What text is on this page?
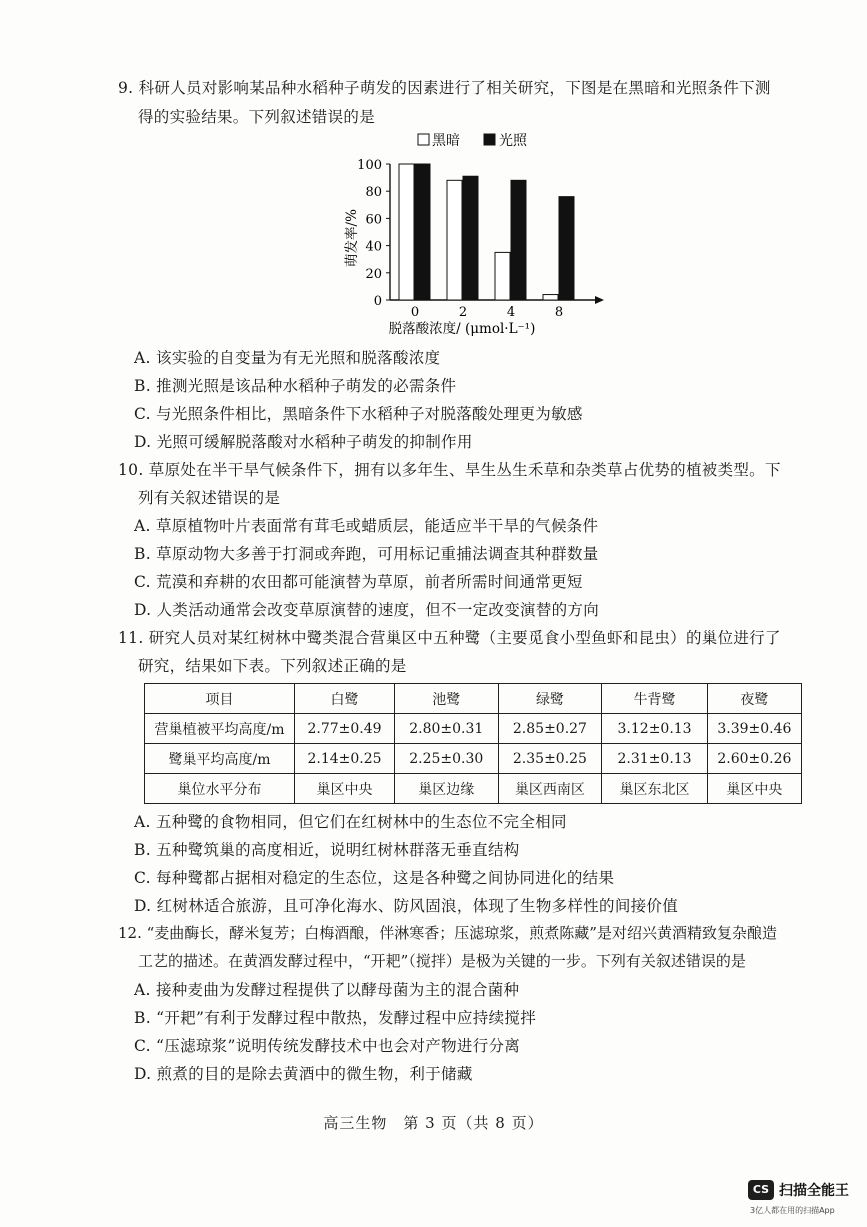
9. 科研人员对影响某品种水稻种子萌发的因素进行了相关研究，下图是在黑暗和光照条件下测
得的实验结果。下列叙述错误的是
0
20
40
60
80
100
0	2	4	8
脱落酸浓度/ (μmol·L⁻¹)
萌发率/%
黑暗	光照
A. 该实验的自变量为有无光照和脱落酸浓度
B. 推测光照是该品种水稻种子萌发的必需条件
C. 与光照条件相比，黑暗条件下水稻种子对脱落酸处理更为敏感
D. 光照可缓解脱落酸对水稻种子萌发的抑制作用
10. 草原处在半干旱气候条件下，拥有以多年生、旱生丛生禾草和杂类草占优势的植被类型。下
列有关叙述错误的是
A. 草原植物叶片表面常有茸毛或蜡质层，能适应半干旱的气候条件
B. 草原动物大多善于打洞或奔跑，可用标记重捕法调查其种群数量
C. 荒漠和弃耕的农田都可能演替为草原，前者所需时间通常更短
D. 人类活动通常会改变草原演替的速度，但不一定改变演替的方向
11. 研究人员对某红树林中鹭类混合营巢区中五种鹭（主要觅食小型鱼虾和昆虫）的巢位进行了
研究，结果如下表。下列叙述正确的是
项目	白鹭	池鹭	绿鹭	牛背鹭	夜鹭
营巢植被平均高度/m	2.77±0.49	2.80±0.31	2.85±0.27	3.12±0.13	3.39±0.46
鹭巢平均高度/m	2.14±0.25	2.25±0.30	2.35±0.25	2.31±0.13	2.60±0.26
巢位水平分布	巢区中央	巢区边缘	巢区西南区	巢区东北区	巢区中央
A. 五种鹭的食物相同，但它们在红树林中的生态位不完全相同
B. 五种鹭筑巢的高度相近，说明红树林群落无垂直结构
C. 每种鹭都占据相对稳定的生态位，这是各种鹭之间协同进化的结果
D. 红树林适合旅游，且可净化海水、防风固浪，体现了生物多样性的间接价值
12. “麦曲酶长，酵米复芳；白梅酒酿，伴淋寒香；压滤琼浆，煎煮陈藏”是对绍兴黄酒精致复杂酿造
工艺的描述。在黄酒发酵过程中，“开耙”（搅拌）是极为关键的一步。下列有关叙述错误的是
A. 接种麦曲为发酵过程提供了以酵母菌为主的混合菌种
B. “开耙”有利于发酵过程中散热，发酵过程中应持续搅拌
C. “压滤琼浆”说明传统发酵技术中也会对产物进行分离
D. 煎煮的目的是除去黄酒中的微生物，利于储藏
高三生物　第 3 页（共 8 页）
CS 扫描全能王
3亿人都在用的扫描App
